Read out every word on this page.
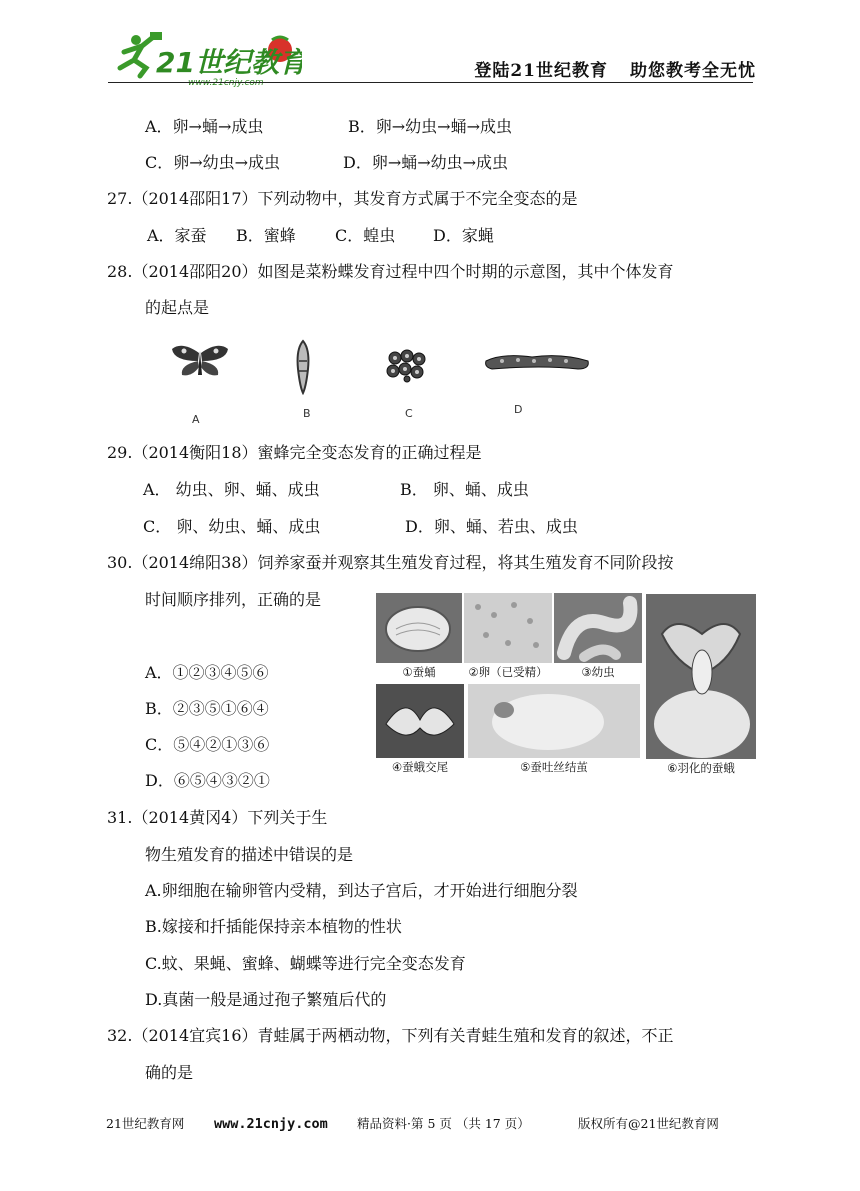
21世纪教育
www.21cnjy.com
登陆21世纪教育 助您教考全无忧
A．卵→蛹→成虫	B．卵→幼虫→蛹→成虫
C．卵→幼虫→成虫	D．卵→蛹→幼虫→成虫
27.（2014邵阳17）下列动物中，其发育方式属于不完全变态的是
A．家蚕 B．蜜蜂 C．蝗虫 D．家蝇
28.（2014邵阳20）如图是菜粉蝶发育过程中四个时期的示意图，其中个体发育
的起点是
A	B	C	D
29.（2014衡阳18）蜜蜂完全变态发育的正确过程是
A． 幼虫、卵、蛹、成虫	B． 卵、蛹、成虫
C． 卵、幼虫、蛹、成虫	D．卵、蛹、若虫、成虫
30.（2014绵阳38）饲养家蚕并观察其生殖发育过程，将其生殖发育不同阶段按
时间顺序排列，正确的是
A．①②③④⑤⑥
B．②③⑤①⑥④
C．⑤④②①③⑥
D．⑥⑤④③②①
①蚕蛹	②卵（已受精）	③幼虫
⑥羽化的蚕蛾
④蚕蛾交尾	⑤蚕吐丝结茧
31.（2014黄冈4）下列关于生
物生殖发育的描述中错误的是
A.卵细胞在输卵管内受精，到达子宫后，才开始进行细胞分裂
B.嫁接和扦插能保持亲本植物的性状
C.蚊、果蝇、蜜蜂、蝴蝶等进行完全变态发育
D.真菌一般是通过孢子繁殖后代的
32.（2014宜宾16）青蛙属于两栖动物，下列有关青蛙生殖和发育的叙述，不正
确的是
21世纪教育网 www.21cnjy.com 精品资料·第 5 页 （共 17 页）	版权所有@21世纪教育网
